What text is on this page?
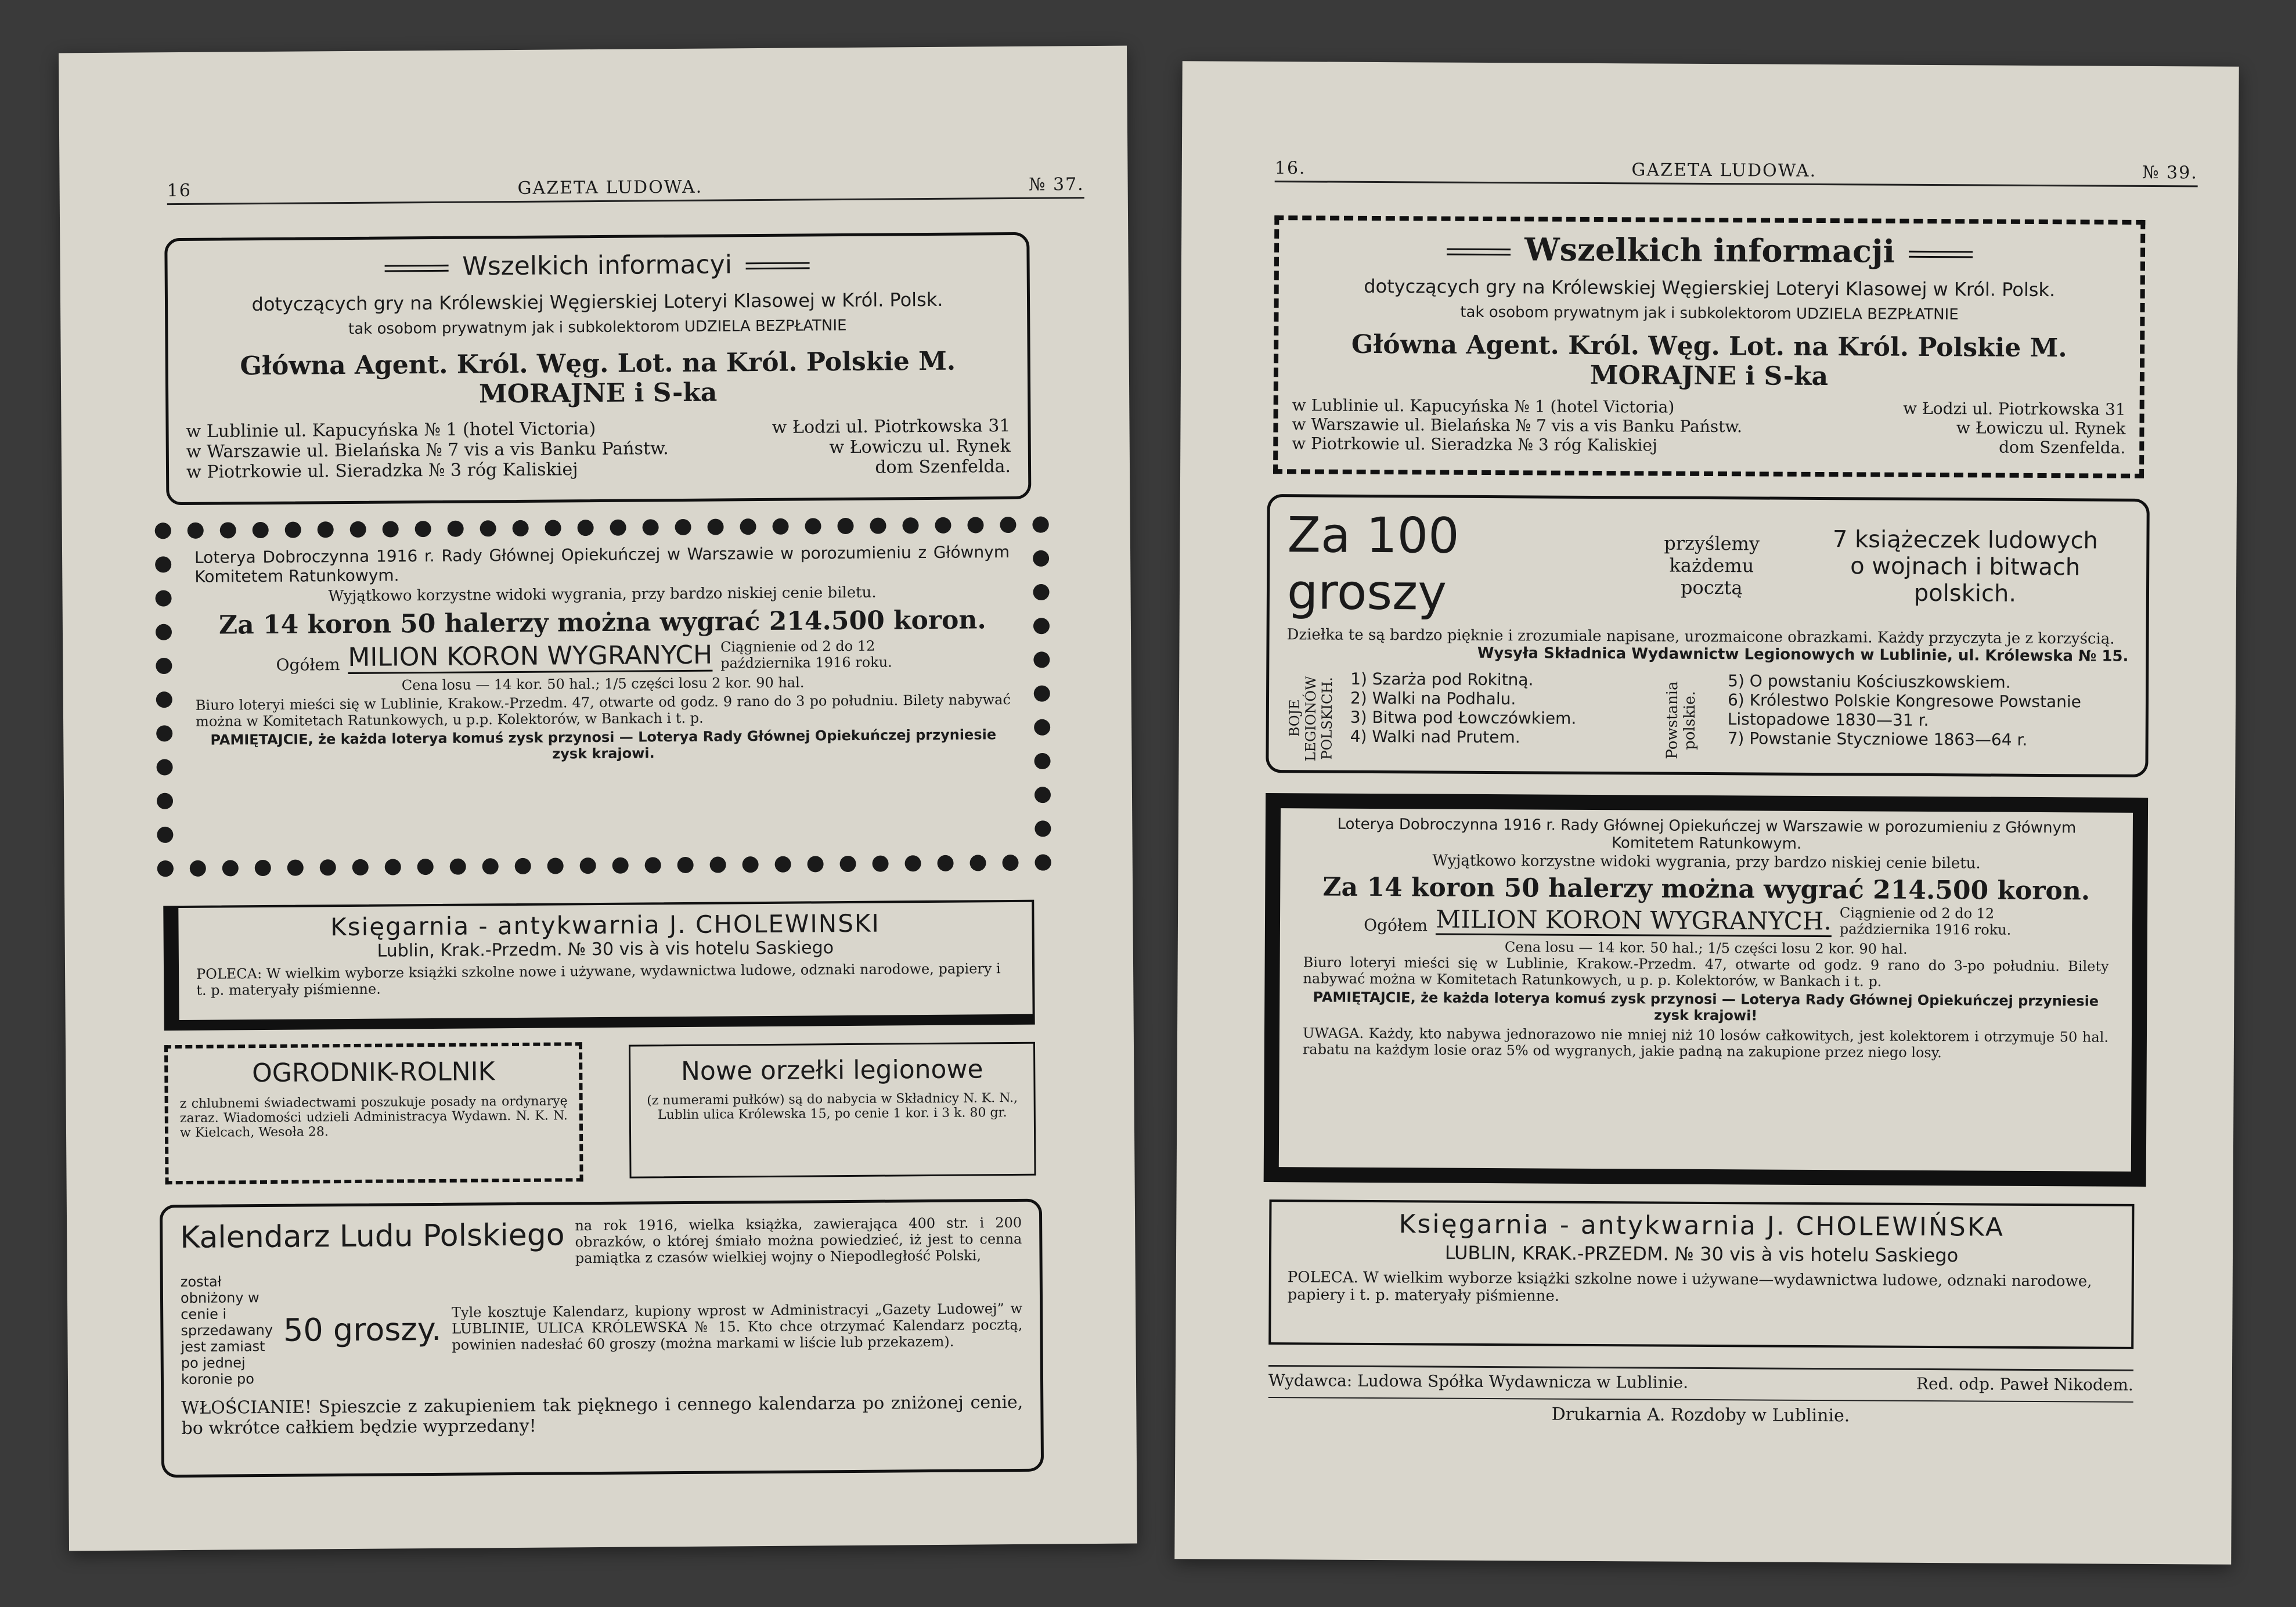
16	GAZETA LUDOWA.	№ 37.
Wszelkich informacyi
dotyczących gry na Królewskiej Węgierskiej Loteryi Klasowej w Król. Polsk.
tak osobom prywatnym jak i subkolektorom UDZIELA BEZPŁATNIE
Główna Agent. Król. Węg. Lot. na Król. Polskie M. MORAJNE i S-ka
w Lublinie ul. Kapucyńska № 1 (hotel Victoria)	w Łodzi ul. Piotrkowska 31
w Warszawie ul. Bielańska № 7 vis a vis Banku Państw.	w Łowiczu ul. Rynek
w Piotrkowie ul. Sieradzka № 3 róg Kaliskiej	dom Szenfelda.
Loterya Dobroczynna 1916 r. Rady Głównej Opiekuńczej w Warszawie w porozumieniu z Głównym Komitetem Ratunkowym.
Wyjątkowo korzystne widoki wygrania, przy bardzo niskiej cenie biletu.
Za 14 koron 50 halerzy można wygrać 214.500 koron.
Ogółem MILION KORON WYGRANYCH Ciągnienie od 2 do 12 października 1916 roku.
Cena losu — 14 kor. 50 hal.; 1/5 części losu 2 kor. 90 hal.
Biuro loteryi mieści się w Lublinie, Krakow.-Przedm. 47, otwarte od godz. 9 rano do 3 po południu. Bilety nabywać można w Komitetach Ratunkowych, u p.p. Kolektorów, w Bankach i t. p.
PAMIĘTAJCIE, że każda loterya komuś zysk przynosi — Loterya Rady Głównej Opiekuńczej przyniesie zysk krajowi.
Księgarnia - antykwarnia J. CHOLEWINSKI
Lublin, Krak.-Przedm. № 30 vis à vis hotelu Saskiego
POLECA: W wielkim wyborze książki szkolne nowe i używane, wydawnictwa ludowe, odznaki narodowe, papiery i t. p. materyały piśmienne.
OGRODNIK-ROLNIK
z chlubnemi świadectwami poszukuje posady na ordynaryę zaraz. Wiadomości udzieli Administracya Wydawn. N. K. N. w Kielcach, Wesoła 28.
Nowe orzełki legionowe
(z numerami pułków) są do nabycia w Składnicy N. K. N., Lublin ulica Królewska 15, po cenie 1 kor. i 3 k. 80 gr.
Kalendarz Ludu Polskiego na rok 1916, wielka książka, zawierająca 400 str. i 200 obrazków, o której śmiało można powiedzieć, iż jest to cenna pamiątka z czasów wielkiej wojny o Niepodległość Polski,
został obniżony w cenie i sprzedawany jest zamiast po jednej koronie po
50 groszy.
Tyle kosztuje Kalendarz, kupiony wprost w Administracyi „Gazety Ludowej” w LUBLINIE, ULICA KRÓLEWSKA № 15. Kto chce otrzymać Kalendarz pocztą, powinien nadesłać 60 groszy (można markami w liście lub przekazem).
WŁOŚCIANIE! Spieszcie z zakupieniem tak pięknego i cennego kalendarza po zniżonej cenie, bo wkrótce całkiem będzie wyprzedany!
16.	GAZETA LUDOWA.	№ 39.
Wszelkich informacji
dotyczących gry na Królewskiej Węgierskiej Loteryi Klasowej w Król. Polsk.
tak osobom prywatnym jak i subkolektorom UDZIELA BEZPŁATNIE
Główna Agent. Król. Węg. Lot. na Król. Polskie M. MORAJNE i S-ka
w Lublinie ul. Kapucyńska № 1 (hotel Victoria)	w Łodzi ul. Piotrkowska 31
w Warszawie ul. Bielańska № 7 vis a vis Banku Państw.	w Łowiczu ul. Rynek
w Piotrkowie ul. Sieradzka № 3 róg Kaliskiej	dom Szenfelda.
Za 100 groszy
przyślemy każdemu
pocztą
7 książeczek ludowych
o wojnach i bitwach polskich.
Dziełka te są bardzo pięknie i zrozumiale napisane, urozmaicone obrazkami. Każdy przyczyta je z korzyścią.
Wysyła Składnica Wydawnictw Legionowych w Lublinie, ul. Królewska № 15.
BOJE LEGIONÓW POLSKICH. 1) Szarża pod Rokitną.
2) Walki na Podhalu.
3) Bitwa pod Łowczówkiem.
4) Walki nad Prutem.	Powstania polskie.
5) O powstaniu Kościuszkowskiem.
6) Królestwo Polskie Kongresowe Powstanie Listopadowe 1830—31 r.
7) Powstanie Styczniowe 1863—64 r.
Loterya Dobroczynna 1916 r. Rady Głównej Opiekuńczej w Warszawie w porozumieniu z Głównym Komitetem Ratunkowym.
Wyjątkowo korzystne widoki wygrania, przy bardzo niskiej cenie biletu.
Za 14 koron 50 halerzy można wygrać 214.500 koron.
Ogółem MILION KORON WYGRANYCH. Ciągnienie od 2 do 12 października 1916 roku.
Cena losu — 14 kor. 50 hal.; 1/5 części losu 2 kor. 90 hal.
Biuro loteryi mieści się w Lublinie, Krakow.-Przedm. 47, otwarte od godz. 9 rano do 3-po południu. Bilety nabywać można w Komitetach Ratunkowych, u p. p. Kolektorów, w Bankach i t. p.
PAMIĘTAJCIE, że każda loterya komuś zysk przynosi — Loterya Rady Głównej Opiekuńczej przyniesie zysk krajowi!
UWAGA. Każdy, kto nabywa jednorazowo nie mniej niż 10 losów całkowitych, jest kolektorem i otrzymuje 50 hal. rabatu na każdym losie oraz 5% od wygranych, jakie padną na zakupione przez niego losy.
Księgarnia - antykwarnia J. CHOLEWIŃSKA
LUBLIN, KRAK.-PRZEDM. № 30 vis à vis hotelu Saskiego
POLECA. W wielkim wyborze książki szkolne nowe i używane—wydawnictwa ludowe, odznaki narodowe, papiery i t. p. materyały piśmienne.
Wydawca: Ludowa Spółka Wydawnicza w Lublinie.	Red. odp. Paweł Nikodem.
Drukarnia A. Rozdoby w Lublinie.
